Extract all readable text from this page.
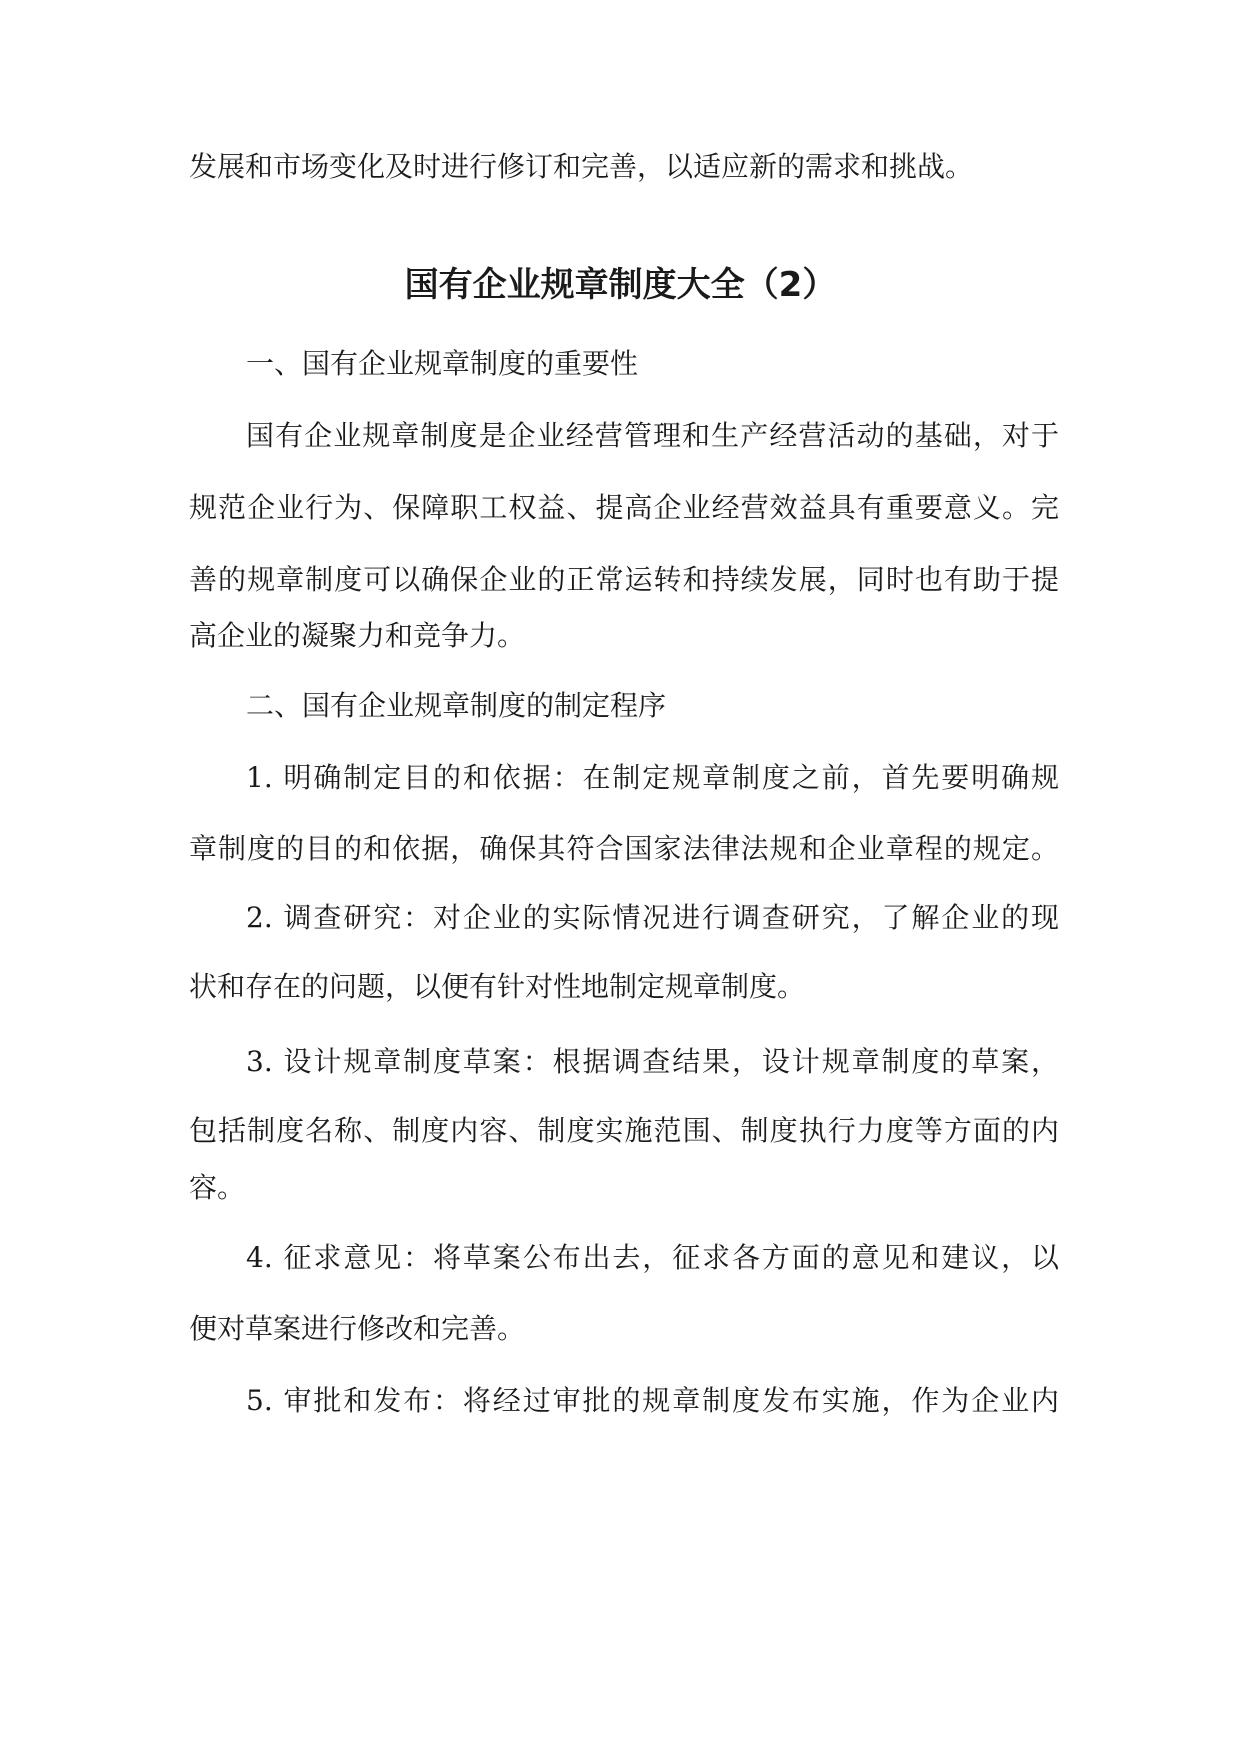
发展和市场变化及时进行修订和完善，以适应新的需求和挑战。
国有企业规章制度大全（2）
一、国有企业规章制度的重要性
国有企业规章制度是企业经营管理和生产经营活动的基础，对于
规范企业行为、保障职工权益、提高企业经营效益具有重要意义。完
善的规章制度可以确保企业的正常运转和持续发展，同时也有助于提
高企业的凝聚力和竞争力。
二、国有企业规章制度的制定程序
1. 明确制定目的和依据：在制定规章制度之前，首先要明确规
章制度的目的和依据，确保其符合国家法律法规和企业章程的规定。
2. 调查研究：对企业的实际情况进行调查研究，了解企业的现
状和存在的问题，以便有针对性地制定规章制度。
3. 设计规章制度草案：根据调查结果，设计规章制度的草案，
包括制度名称、制度内容、制度实施范围、制度执行力度等方面的内
容。
4. 征求意见：将草案公布出去，征求各方面的意见和建议，以
便对草案进行修改和完善。
5. 审批和发布：将经过审批的规章制度发布实施，作为企业内
